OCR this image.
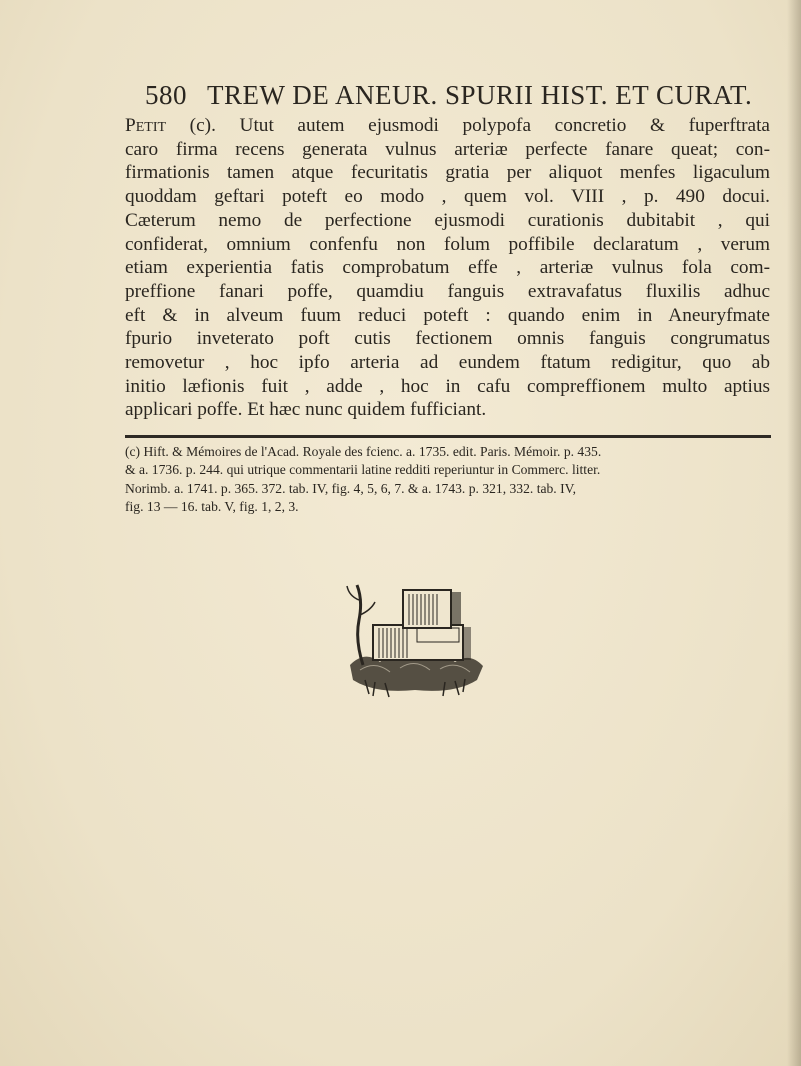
580 TREW DE ANEUR. SPURII HIST. ET CURAT.
Petit (c). Utut autem ejusmodi polypofa concretio & fuperftrata
caro firma recens generata vulnus arteriæ perfecte fanare queat; con-
firmationis tamen atque fecuritatis gratia per aliquot menfes ligaculum
quoddam geftari poteft eo modo , quem vol. VIII , p. 490 docui.
Cæterum nemo de perfectione ejusmodi curationis dubitabit , qui
confiderat, omnium confenfu non folum poffibile declaratum , verum
etiam experientia fatis comprobatum effe , arteriæ vulnus fola com-
preffione fanari poffe, quamdiu fanguis extravafatus fluxilis adhuc
eft & in alveum fuum reduci poteft : quando enim in Aneuryfmate
fpurio inveterato poft cutis fectionem omnis fanguis congrumatus
removetur , hoc ipfo arteria ad eundem ftatum redigitur, quo ab
initio læfionis fuit , adde , hoc in cafu compreffionem multo aptius
applicari poffe. Et hæc nunc quidem fufficiant.
(c) Hift. & Mémoires de l'Acad. Royale des fcienc. a. 1735. edit. Paris. Mémoir. p. 435.
& a. 1736. p. 244. qui utrique commentarii latine redditi reperiuntur in Commerc. litter.
Norimb. a. 1741. p. 365. 372. tab. IV, fig. 4, 5, 6, 7. & a. 1743. p. 321, 332. tab. IV,
fig. 13 — 16. tab. V, fig. 1, 2, 3.
